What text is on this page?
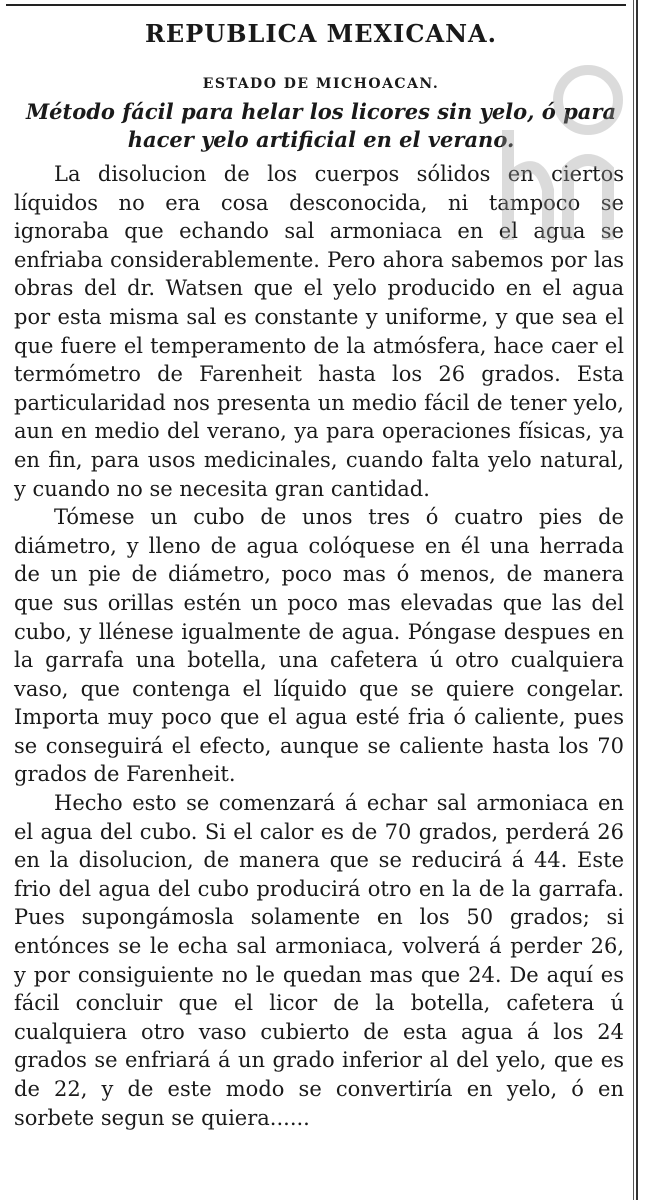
REPUBLICA MEXICANA.
ESTADO DE MICHOACAN.
Método fácil para helar los licores sin yelo, ó para hacer yelo artificial en el verano.

La disolucion de los cuerpos sólidos en ciertos líquidos no era cosa desconocida, ni tampoco se ignoraba que echando sal armoniaca en el agua se enfriaba considerablemente. Pero ahora sabemos por las obras del dr. Watsen que el yelo producido en el agua por esta misma sal es constante y uniforme, y que sea el que fuere el temperamento de la atmósfera, hace caer el termómetro de Farenheit hasta los 26 grados. Esta particularidad nos presenta un medio fácil de tener yelo, aun en medio del verano, ya para operaciones físicas, ya en fin, para usos medicinales, cuando falta yelo natural, y cuando no se necesita gran cantidad.

Tómese un cubo de unos tres ó cuatro pies de diámetro, y lleno de agua colóquese en él una herrada de un pie de diámetro, poco mas ó menos, de manera que sus orillas estén un poco mas elevadas que las del cubo, y llénese igualmente de agua. Póngase despues en la garrafa una botella, una cafetera ú otro cualquiera vaso, que contenga el líquido que se quiere congelar. Importa muy poco que el agua esté fria ó caliente, pues se conseguirá el efecto, aunque se caliente hasta los 70 grados de Farenheit.

Hecho esto se comenzará á echar sal armoniaca en el agua del cubo. Si el calor es de 70 grados, perderá 26 en la disolucion, de manera que se reducirá á 44. Este frio del agua del cubo producirá otro en la de la garrafa. Pues supongámosla solamente en los 50 grados; si entónces se le echa sal armoniaca, volverá á perder 26, y por consiguiente no le quedan mas que 24. De aquí es fácil concluir que el licor de la botella, cafetera ú cualquiera otro vaso cubierto de esta agua á los 24 grados se enfriará á un grado inferior al del yelo, que es de 22, y de este modo se convertiría en yelo, ó en sorbete segun se quiera......
